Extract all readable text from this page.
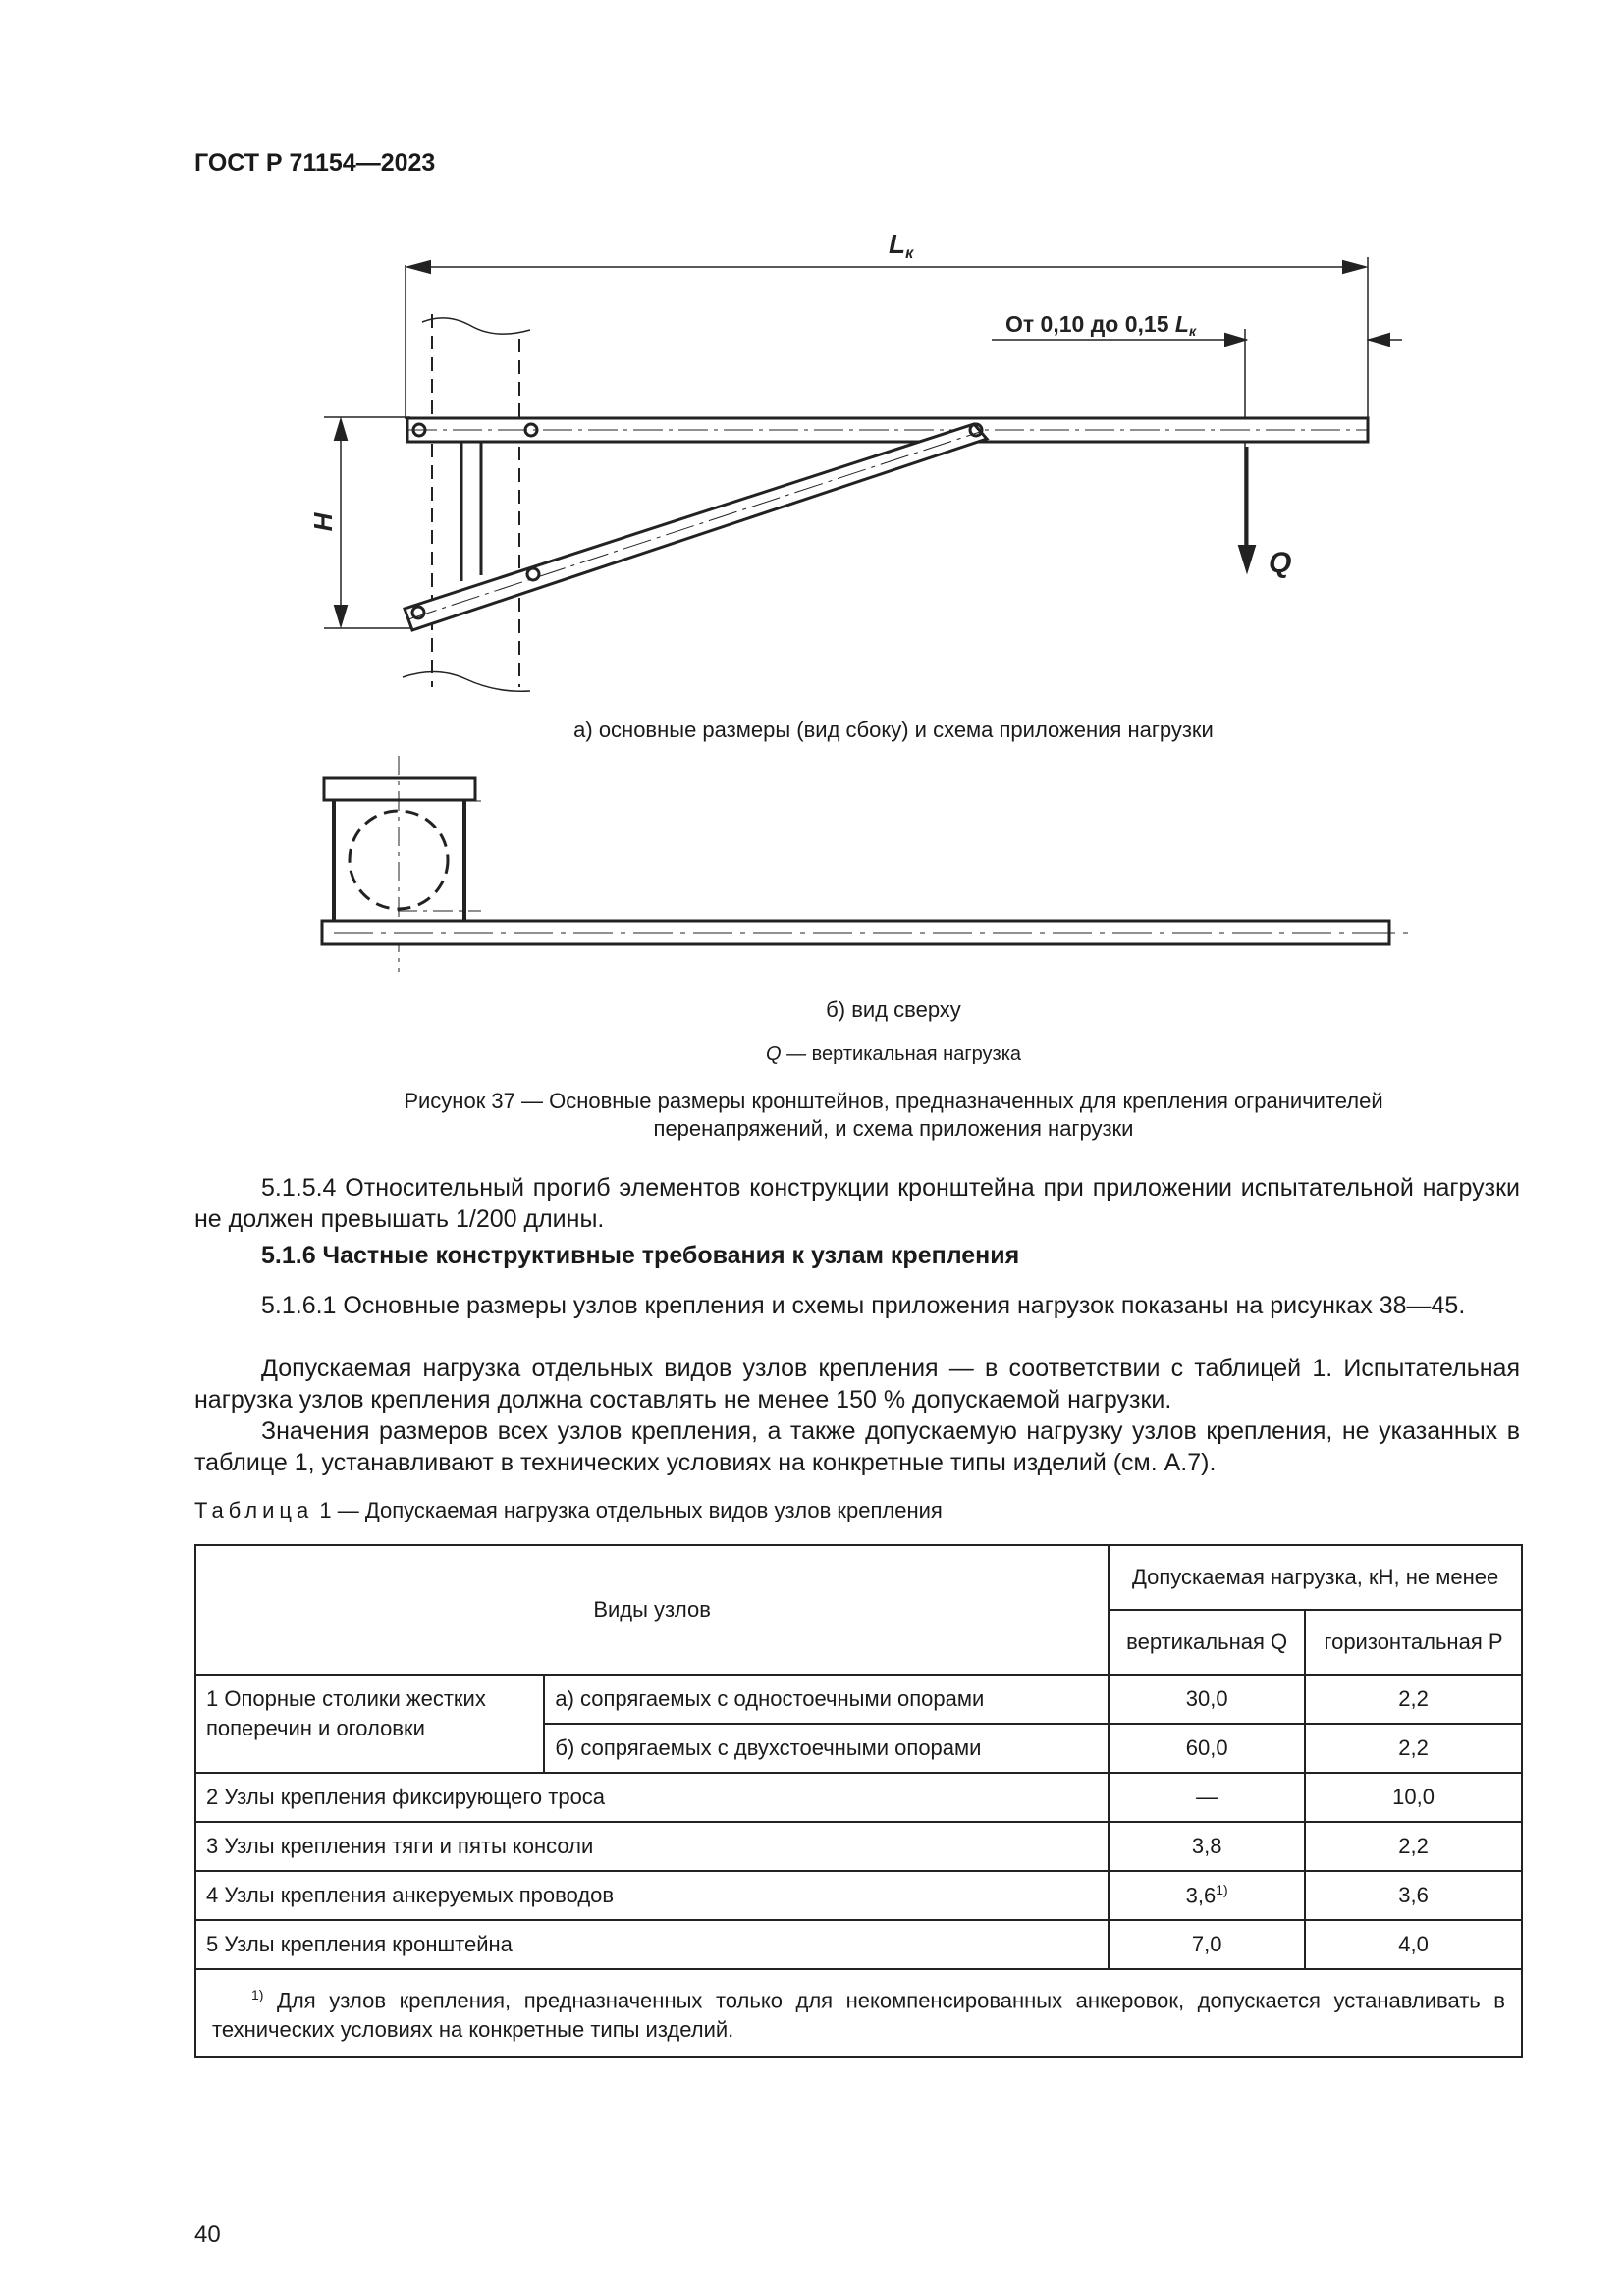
ГОСТ Р 71154—2023
Lк
От 0,10 до 0,15 Lк
H
Q
а) основные размеры (вид сбоку) и схема приложения нагрузки
б) вид сверху
Q — вертикальная нагрузка
Рисунок 37 — Основные размеры кронштейнов, предназначенных для крепления ограничителей
перенапряжений, и схема приложения нагрузки
5.1.5.4 Относительный прогиб элементов конструкции кронштейна при приложении испытательной нагрузки не должен превышать 1/200 длины.
5.1.6 Частные конструктивные требования к узлам крепления
5.1.6.1 Основные размеры узлов крепления и схемы приложения нагрузок показаны на рисунках 38—45.
Допускаемая нагрузка отдельных видов узлов крепления — в соответствии с таблицей 1. Испытательная нагрузка узлов крепления должна составлять не менее 150 % допускаемой нагрузки.
Значения размеров всех узлов крепления, а также допускаемую нагрузку узлов крепления, не указанных в таблице 1, устанавливают в технических условиях на конкретные типы изделий (см. А.7).
Таблица 1 — Допускаемая нагрузка отдельных видов узлов крепления
Виды узлов		Допускаемая нагрузка, кН, не менее	
		вертикальная Q	горизонтальная P
1 Опорные столики жестких поперечин и оголовки	а) сопрягаемых с одностоечными опорами	30,0	2,2
	б) сопрягаемых с двухстоечными опорами	60,0	2,2
2 Узлы крепления фиксирующего троса		—	10,0
3 Узлы крепления тяги и пяты консоли		3,8	2,2
4 Узлы крепления анкеруемых проводов		3,6$^{1)}$	3,6
5 Узлы крепления кронштейна		7,0	4,0
$^{1)}$ Для узлов крепления, предназначенных только для некомпенсированных анкеровок, допускается устанавливать в технических условиях на конкретные типы изделий.			
40
